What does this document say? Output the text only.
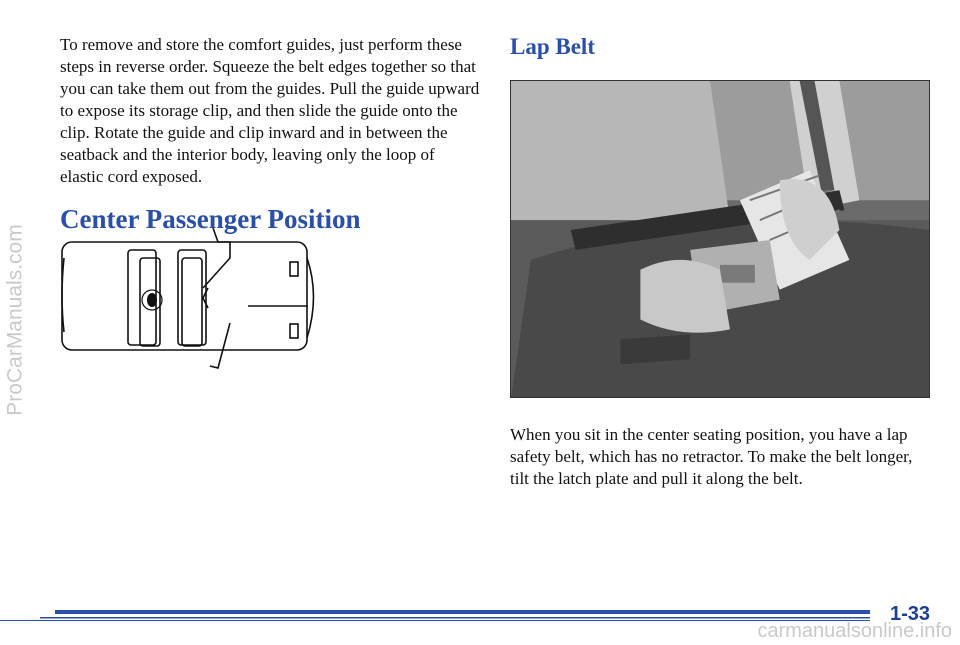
ProCarManuals.com

To remove and store the comfort guides, just perform these steps in reverse order. Squeeze the belt edges together so that you can take them out from the guides. Pull the guide upward to expose its storage clip, and then slide the guide onto the clip. Rotate the guide and clip inward and in between the seatback and the interior body, leaving only the loop of elastic cord exposed.

Center Passenger Position
Lap Belt

When you sit in the center seating position, you have a lap safety belt, which has no retractor. To make the belt longer, tilt the latch plate and pull it along the belt.

1-33
carmanualsonline.info
